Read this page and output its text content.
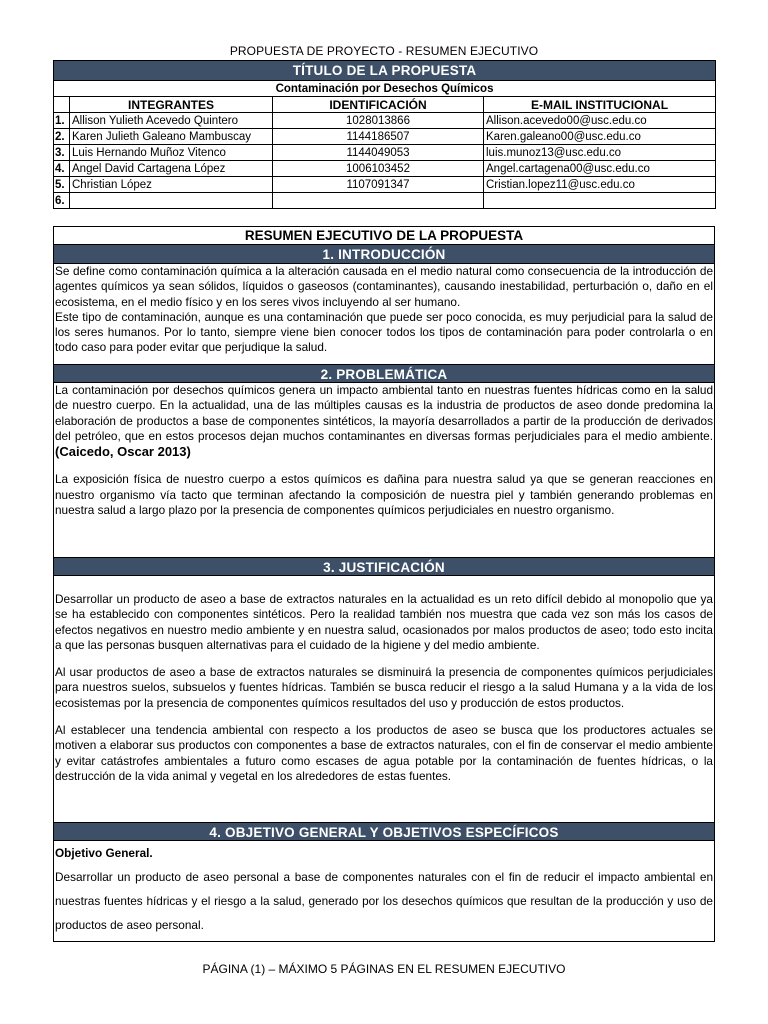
PROPUESTA DE PROYECTO - RESUMEN EJECUTIVO
TÍTULO DE LA PROPUESTA			
Contaminación por Desechos Químicos			
	INTEGRANTES	IDENTIFICACIÓN	E-MAIL INSTITUCIONAL
1.	Allison Yulieth Acevedo Quintero	1028013866	Allison.acevedo00@usc.edu.co
2.	Karen Julieth Galeano Mambuscay	1144186507	Karen.galeano00@usc.edu.co
3.	Luis Hernando Muñoz Vitenco	1144049053	luis.munoz13@usc.edu.co
4.	Angel David Cartagena López	1006103452	Angel.cartagena00@usc.edu.co
5.	Christian López	1107091347	Cristian.lopez11@usc.edu.co
6.			
RESUMEN EJECUTIVO DE LA PROPUESTA
1. INTRODUCCIÓN

Se define como contaminación química a la alteración causada en el medio natural como consecuencia de la introducción de agentes químicos ya sean sólidos, líquidos o gaseosos (contaminantes), causando inestabilidad, perturbación o, daño en el ecosistema, en el medio físico y en los seres vivos incluyendo al ser humano.

Este tipo de contaminación, aunque es una contaminación que puede ser poco conocida, es muy perjudicial para la salud de los seres humanos. Por lo tanto, siempre viene bien conocer todos los tipos de contaminación para poder controlarla o en todo caso para poder evitar que perjudique la salud.

2. PROBLEMÁTICA

La contaminación por desechos químicos genera un impacto ambiental tanto en nuestras fuentes hídricas como en la salud de nuestro cuerpo. En la actualidad, una de las múltiples causas es la industria de productos de aseo donde predomina la elaboración de productos a base de componentes sintéticos, la mayoría desarrollados a partir de la producción de derivados del petróleo, que en estos procesos dejan muchos contaminantes en diversas formas perjudiciales para el medio ambiente. (Caicedo, Oscar 2013)

La exposición física de nuestro cuerpo a estos químicos es dañina para nuestra salud ya que se generan reacciones en nuestro organismo vía tacto que terminan afectando la composición de nuestra piel y también generando problemas en nuestra salud a largo plazo por la presencia de componentes químicos perjudiciales en nuestro organismo.

3. JUSTIFICACIÓN

Desarrollar un producto de aseo a base de extractos naturales en la actualidad es un reto difícil debido al monopolio que ya se ha establecido con componentes sintéticos. Pero la realidad también nos muestra que cada vez son más los casos de efectos negativos en nuestro medio ambiente y en nuestra salud, ocasionados por malos productos de aseo; todo esto incita a que las personas busquen alternativas para el cuidado de la higiene y del medio ambiente.

Al usar productos de aseo a base de extractos naturales se disminuirá la presencia de componentes químicos perjudiciales para nuestros suelos, subsuelos y fuentes hídricas. También se busca reducir el riesgo a la salud Humana y a la vida de los ecosistemas por la presencia de componentes químicos resultados del uso y producción de estos productos.

Al establecer una tendencia ambiental con respecto a los productos de aseo se busca que los productores actuales se motiven a elaborar sus productos con componentes a base de extractos naturales, con el fin de conservar el medio ambiente y evitar catástrofes ambientales a futuro como escases de agua potable por la contaminación de fuentes hídricas, o la destrucción de la vida animal y vegetal en los alrededores de estas fuentes.

4. OBJETIVO GENERAL Y OBJETIVOS ESPECÍFICOS

Objetivo General.

Desarrollar un producto de aseo personal a base de componentes naturales con el fin de reducir el impacto ambiental en nuestras fuentes hídricas y el riesgo a la salud, generado por los desechos químicos que resultan de la producción y uso de productos de aseo personal.

PÁGINA (1) – MÁXIMO 5 PÁGINAS EN EL RESUMEN EJECUTIVO
